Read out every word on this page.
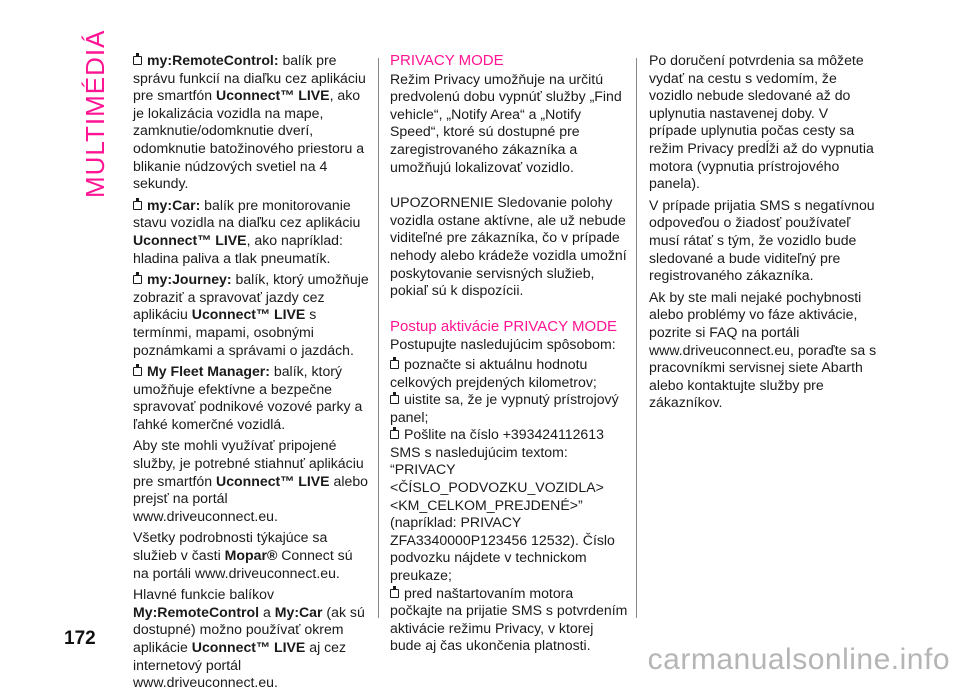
MULTIMÉDIÁ
172

my:RemoteControl: balík pre správu funkcií na diaľku cez aplikáciu pre smartfón Uconnect™ LIVE, ako je lokalizácia vozidla na mape, zamknutie/odomknutie dverí, odomknutie batožinového priestoru a blikanie núdzových svetiel na 4 sekundy.

my:Car: balík pre monitorovanie stavu vozidla na diaľku cez aplikáciu Uconnect™ LIVE, ako napríklad: hladina paliva a tlak pneumatík.

my:Journey: balík, ktorý umožňuje zobraziť a spravovať jazdy cez aplikáciu Uconnect™ LIVE s termínmi, mapami, osobnými poznámkami a správami o jazdách.

My Fleet Manager: balík, ktorý umožňuje efektívne a bezpečne spravovať podnikové vozové parky a ľahké komerčné vozidlá.

Aby ste mohli využívať pripojené služby, je potrebné stiahnuť aplikáciu pre smartfón Uconnect™ LIVE alebo prejsť na portál www.driveuconnect.eu.

Všetky podrobnosti týkajúce sa služieb v časti Mopar® Connect sú na portáli www.driveuconnect.eu.

Hlavné funkcie balíkov My:RemoteControl a My:Car (ak sú dostupné) možno používať okrem aplikácie Uconnect™ LIVE aj cez internetový portál www.driveuconnect.eu.

PRIVACY MODE

Režim Privacy umožňuje na určitú predvolenú dobu vypnúť služby „Find vehicle“, „Notify Area“ a „Notify Speed“, ktoré sú dostupné pre zaregistrovaného zákazníka a umožňujú lokalizovať vozidlo.

UPOZORNENIE Sledovanie polohy vozidla ostane aktívne, ale už nebude viditeľné pre zákazníka, čo v prípade nehody alebo krádeže vozidla umožní poskytovanie servisných služieb, pokiaľ sú k dispozícii.

Postup aktivácie PRIVACY MODE

Postupujte nasledujúcim spôsobom:

poznačte si aktuálnu hodnotu celkových prejdených kilometrov;

uistite sa, že je vypnutý prístrojový panel;

Pošlite na číslo +393424112613 SMS s nasledujúcim textom: “PRIVACY <ČÍSLO_PODVOZKU_VOZIDLA> <KM_CELKOM_PREJDENÉ>” (napríklad: PRIVACY ZFA3340000P123456 12532). Číslo podvozku nájdete v technickom preukaze;

pred naštartovaním motora počkajte na prijatie SMS s potvrdením aktivácie režimu Privacy, v ktorej bude aj čas ukončenia platnosti.

Po doručení potvrdenia sa môžete vydať na cestu s vedomím, že vozidlo nebude sledované až do uplynutia nastavenej doby. V prípade uplynutia počas cesty sa režim Privacy predĺži až do vypnutia motora (vypnutia prístrojového panela).

V prípade prijatia SMS s negatívnou odpoveďou o žiadosť používateľ musí rátať s tým, že vozidlo bude sledované a bude viditeľný pre registrovaného zákazníka.

Ak by ste mali nejaké pochybnosti alebo problémy vo fáze aktivácie, pozrite si FAQ na portáli www.driveuconnect.eu, poraďte sa s pracovníkmi servisnej siete Abarth alebo kontaktujte služby pre zákazníkov.

carmanualsonline.info
